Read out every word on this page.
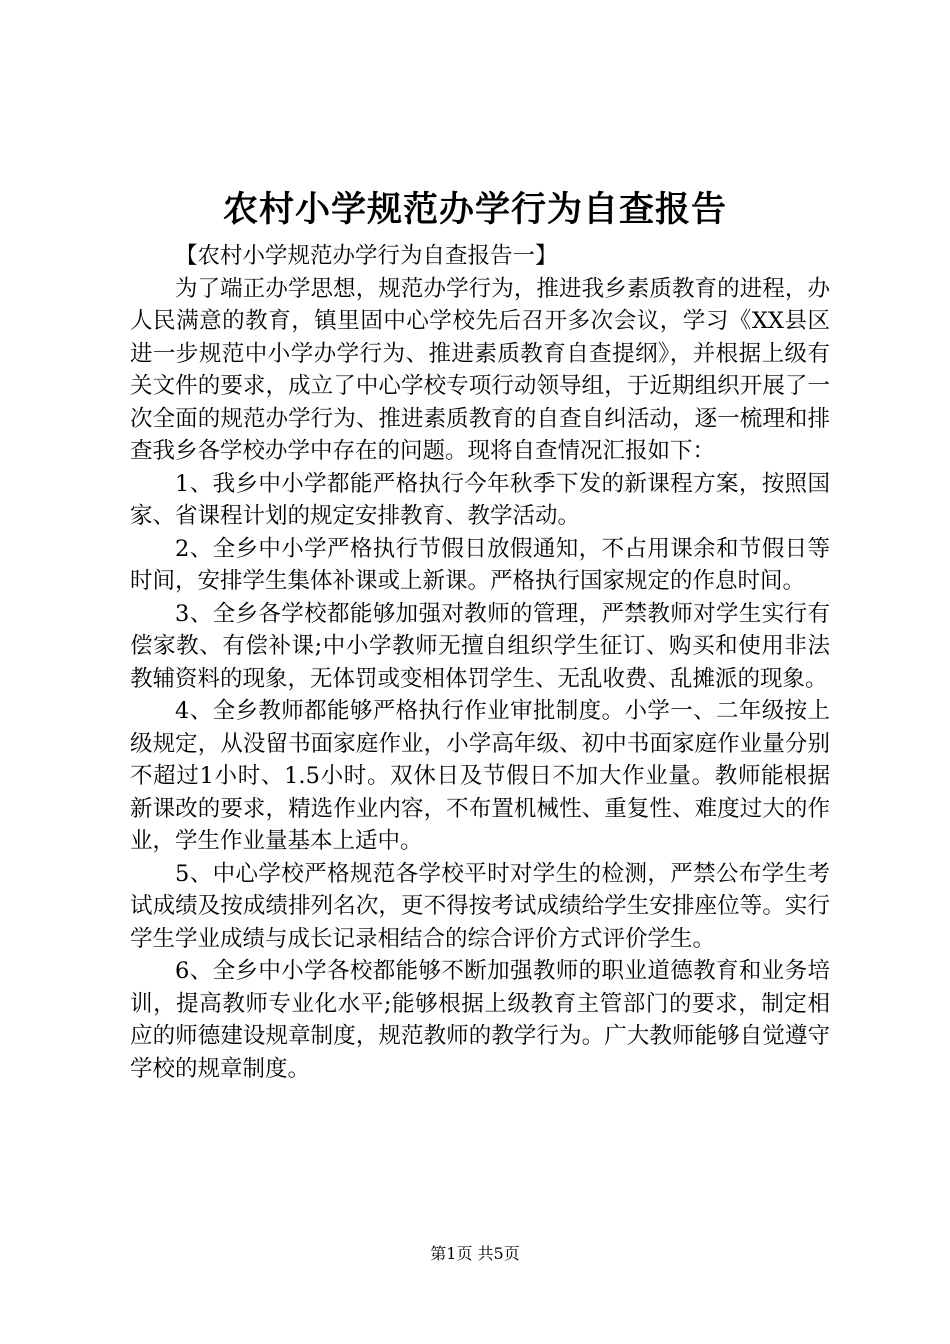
农村小学规范办学行为自查报告

【农村小学规范办学行为自查报告一】

为了端正办学思想，规范办学行为，推进我乡素质教育的进程，办人民满意的教育，镇里固中心学校先后召开多次会议，学习《XX县区进一步规范中小学办学行为、推进素质教育自查提纲》，并根据上级有关文件的要求，成立了中心学校专项行动领导组，于近期组织开展了一次全面的规范办学行为、推进素质教育的自查自纠活动，逐一梳理和排查我乡各学校办学中存在的问题。现将自查情况汇报如下：

1、我乡中小学都能严格执行今年秋季下发的新课程方案，按照国家、省课程计划的规定安排教育、教学活动。

2、全乡中小学严格执行节假日放假通知，不占用课余和节假日等时间，安排学生集体补课或上新课。严格执行国家规定的作息时间。

3、全乡各学校都能够加强对教师的管理，严禁教师对学生实行有偿家教、有偿补课;中小学教师无擅自组织学生征订、购买和使用非法教辅资料的现象，无体罚或变相体罚学生、无乱收费、乱摊派的现象。

4、全乡教师都能够严格执行作业审批制度。小学一、二年级按上级规定，从没留书面家庭作业，小学高年级、初中书面家庭作业量分别不超过1小时、1.5小时。双休日及节假日不加大作业量。教师能根据新课改的要求，精选作业内容，不布置机械性、重复性、难度过大的作业，学生作业量基本上适中。

5、中心学校严格规范各学校平时对学生的检测，严禁公布学生考试成绩及按成绩排列名次，更不得按考试成绩给学生安排座位等。实行学生学业成绩与成长记录相结合的综合评价方式评价学生。

6、全乡中小学各校都能够不断加强教师的职业道德教育和业务培训，提高教师专业化水平;能够根据上级教育主管部门的要求，制定相应的师德建设规章制度，规范教师的教学行为。广大教师能够自觉遵守学校的规章制度。

第1页 共5页
